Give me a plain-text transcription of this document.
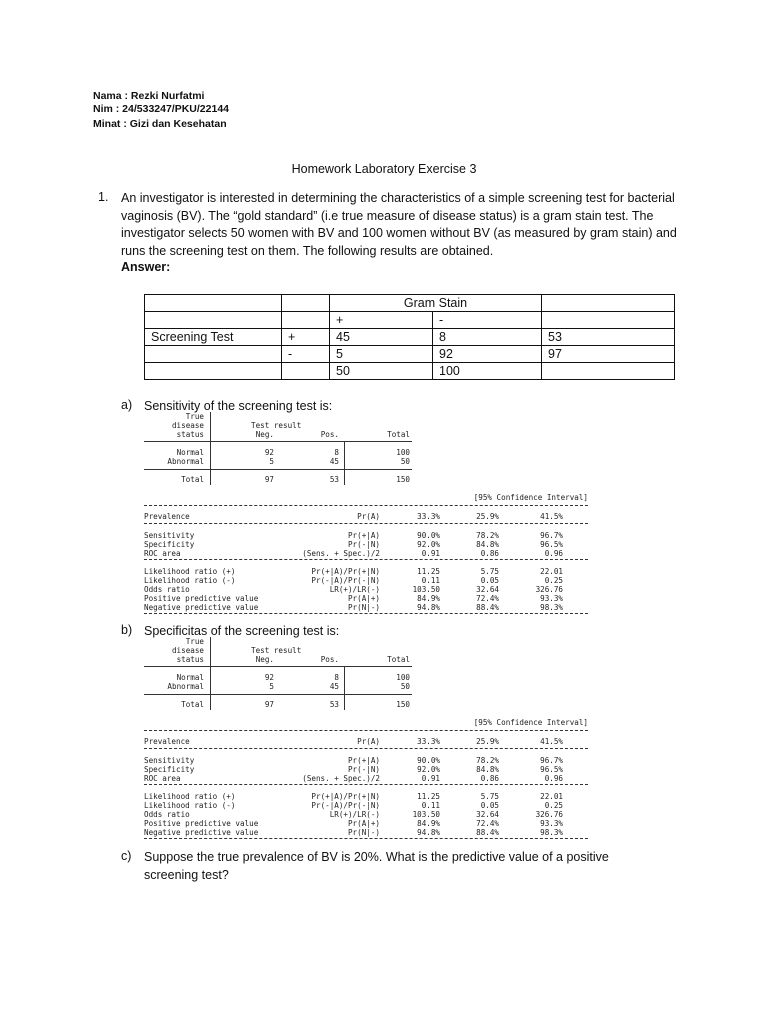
Nama : Rezki Nurfatmi
Nim : 24/533247/PKU/22144
Minat : Gizi dan Kesehatan
Homework Laboratory Exercise 3
1. An investigator is interested in determining the characteristics of a simple screening test for bacterial vaginosis (BV). The “gold standard” (i.e true measure of disease status) is a gram stain test. The investigator selects 50 women with BV and 100 women without BV (as measured by gram stain) and runs the screening test on them. The following results are obtained.
Answer:
		Gram Stain		
		+	-	
Screening Test	+	45	8	53
	-	5	92	97
		50	100	
a) Sensitivity of the screening test is:
True
disease
status
Test result
Neg.	Pos.	Total
Normal	92	8	100
Abnormal	5	45	50
Total	97	53	150
[95% Confidence Interval]
Prevalence	Pr(A)	33.3%	25.9%	41.5%
Sensitivity	Pr(+|A)	90.0%	78.2%	96.7%
Specificity	Pr(-|N)	92.0%	84.8%	96.5%
ROC area	(Sens. + Spec.)/2	0.91	0.86	0.96
Likelihood ratio (+)	Pr(+|A)/Pr(+|N)	11.25	5.75	22.01
Likelihood ratio (-)	Pr(-|A)/Pr(-|N)	0.11	0.05	0.25
Odds ratio	LR(+)/LR(-)	103.50	32.64	326.76
Positive predictive value	Pr(A|+)	84.9%	72.4%	93.3%
Negative predictive value	Pr(N|-)	94.8%	88.4%	98.3%
b) Specificitas of the screening test is:
True
disease
status
Test result
Neg.	Pos.	Total
Normal	92	8	100
Abnormal	5	45	50
Total	97	53	150
[95% Confidence Interval]
Prevalence	Pr(A)	33.3%	25.9%	41.5%
Sensitivity	Pr(+|A)	90.0%	78.2%	96.7%
Specificity	Pr(-|N)	92.0%	84.8%	96.5%
ROC area	(Sens. + Spec.)/2	0.91	0.86	0.96
Likelihood ratio (+)	Pr(+|A)/Pr(+|N)	11.25	5.75	22.01
Likelihood ratio (-)	Pr(-|A)/Pr(-|N)	0.11	0.05	0.25
Odds ratio	LR(+)/LR(-)	103.50	32.64	326.76
Positive predictive value	Pr(A|+)	84.9%	72.4%	93.3%
Negative predictive value	Pr(N|-)	94.8%	88.4%	98.3%
c) Suppose the true prevalence of BV is 20%. What is the predictive value of a positive screening test?
